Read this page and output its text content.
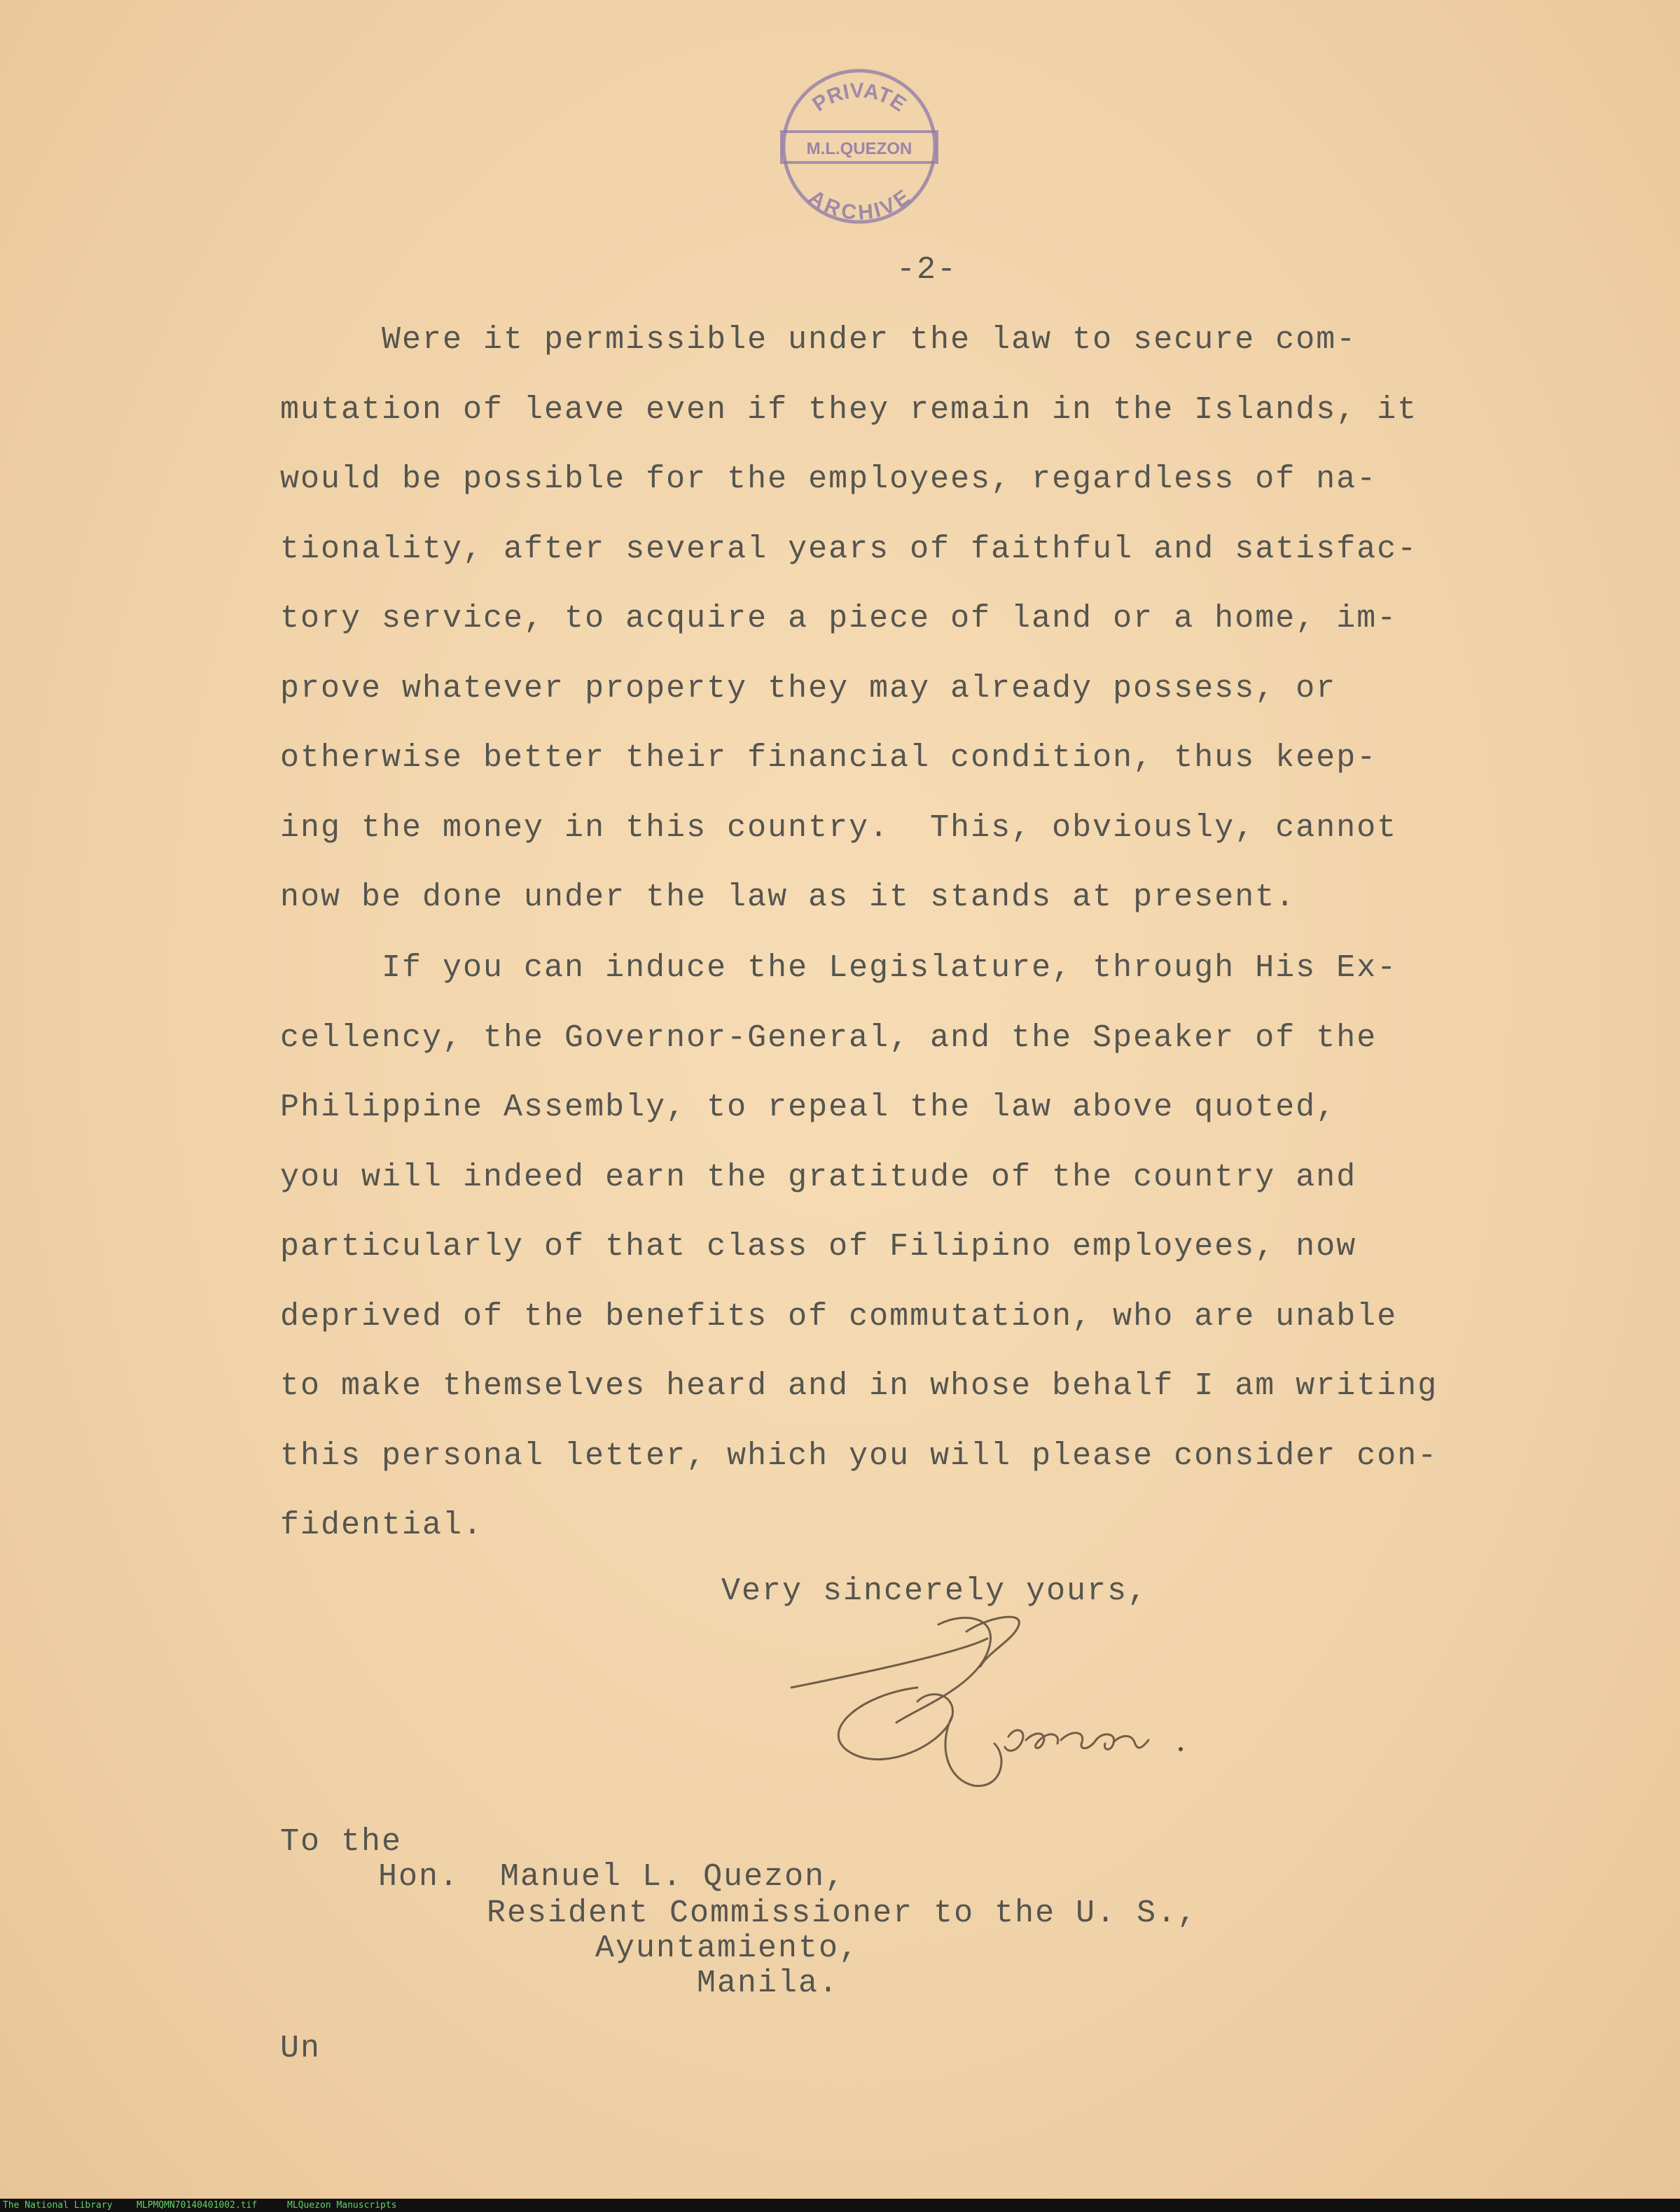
PRIVATE
M.L.QUEZON
ARCHIVE
-2-
Were it permissible under the law to secure com-
mutation of leave even if they remain in the Islands, it
would be possible for the employees, regardless of na-
tionality, after several years of faithful and satisfac-
tory service, to acquire a piece of land or a home, im-
prove whatever property they may already possess, or
otherwise better their financial condition, thus keep-
ing the money in this country.  This, obviously, cannot
now be done under the law as it stands at present.
If you can induce the Legislature, through His Ex-
cellency, the Governor-General, and the Speaker of the
Philippine Assembly, to repeal the law above quoted,
you will indeed earn the gratitude of the country and
particularly of that class of Filipino employees, now
deprived of the benefits of commutation, who are unable
to make themselves heard and in whose behalf I am writing
this personal letter, which you will please consider con-
fidential.
Very sincerely yours,
To the
Hon.  Manuel L. Quezon,
Resident Commissioner to the U. S.,
Ayuntamiento,
Manila.
Un
The National Library	MLPMQMN70140401002.tif	MLQuezon Manuscripts
